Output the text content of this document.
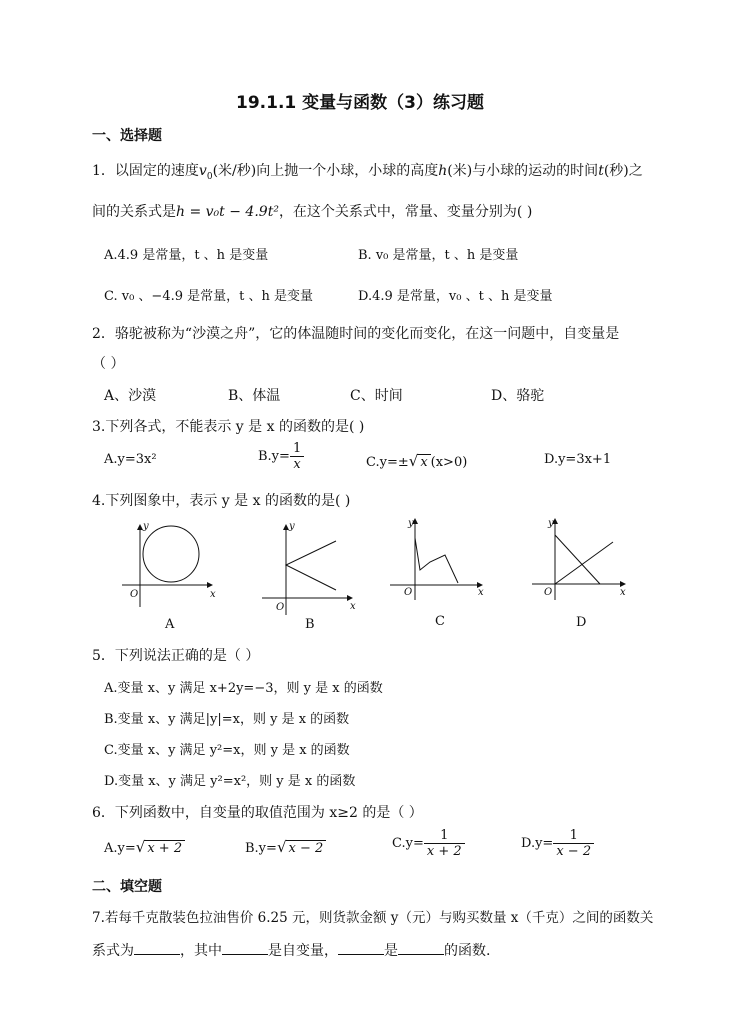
19.1.1 变量与函数（3）练习题
一、选择题
1．以固定的速度$v_0$(米/秒)向上抛一个小球，小球的高度h(米)与小球的运动的时间t(秒)之
间的关系式是h = v₀t − 4.9t²，在这个关系式中，常量、变量分别为( )
A.4.9 是常量，t 、h 是变量	B. v₀ 是常量，t 、h 是变量
C. v₀ 、−4.9 是常量，t 、h 是变量	D.4.9 是常量，v₀ 、t 、h 是变量
2．骆驼被称为“沙漠之舟”，它的体温随时间的变化而变化，在这一问题中，自变量是
（ ）
A、沙漠	B、体温	C、时间	D、骆驼
3.下列各式，不能表示 y 是 x 的函数的是( )
A.y=3x²	$B.y= \frac{1}{x}$	C.y=±√ x (x>0)	D.y=3x+1
4.下列图象中，表示 y 是 x 的函数的是( )
x
y
O
x
y
O
x
y
O	x
y
O
A	B	C	D
5．下列说法正确的是（ ）
A.变量 x、y 满足 x+2y=−3，则 y 是 x 的函数
B.变量 x、y 满足|y|=x，则 y 是 x 的函数
C.变量 x、y 满足 y²=x，则 y 是 x 的函数
D.变量 x、y 满足 y²=x²，则 y 是 x 的函数
6．下列函数中，自变量的取值范围为 x≥2 的是（ ）
A.y=√ x + 2	B.y=√ x − 2	$C.y= \frac{1}{x + 2}$	$D.y= \frac{1}{x - 2}$
二、填空题
7.若每千克散装色拉油售价 6.25 元，则货款金额 y（元）与购买数量 x（千克）之间的函数关
系式为	，其中	是自变量，	是	的函数.
